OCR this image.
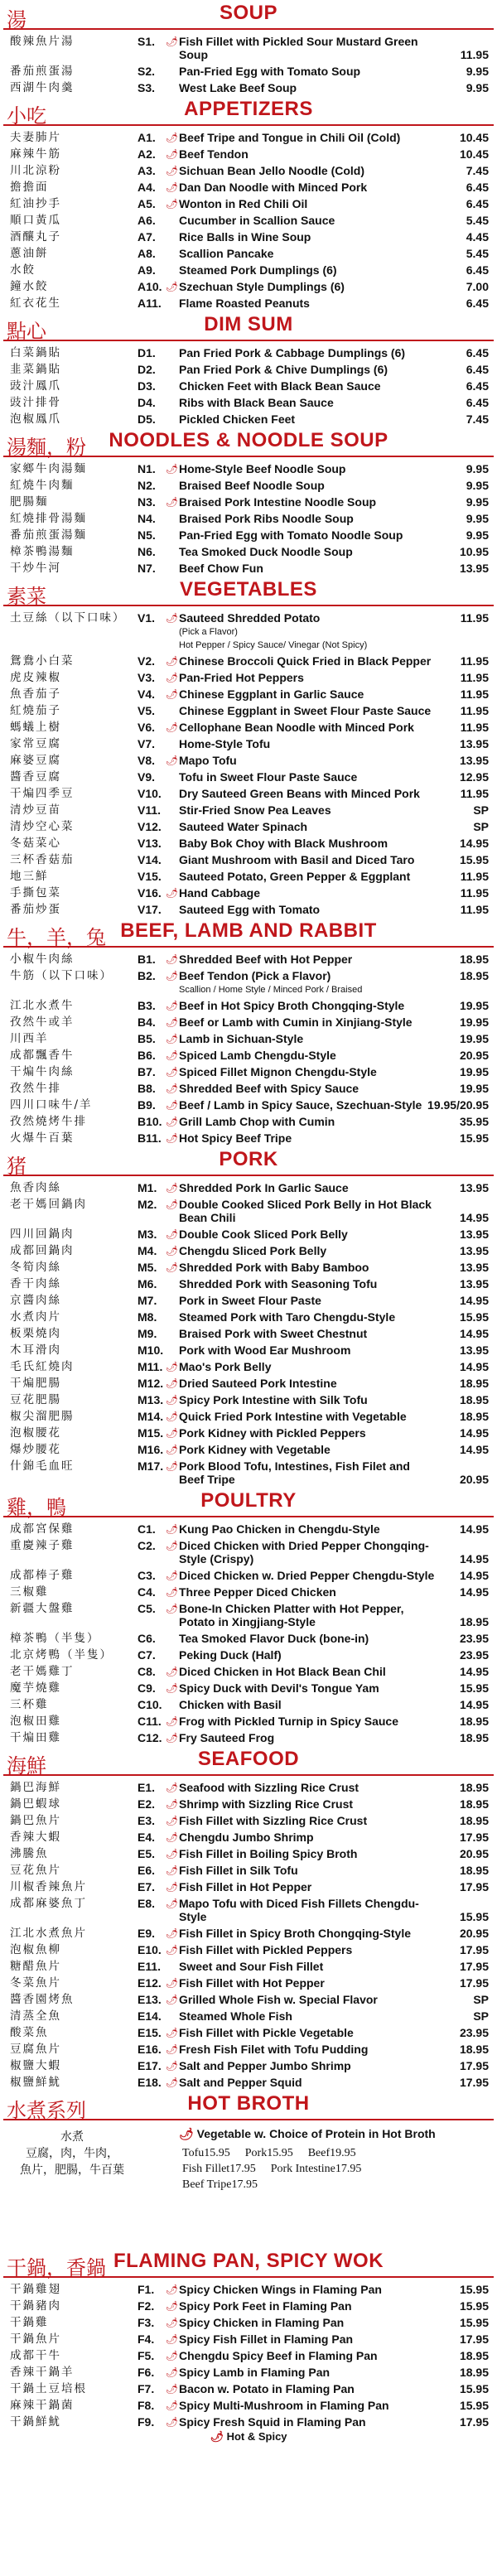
湯	SOUP
酸辣魚片湯	S1.	🌶 Fish Fillet with Pickled Sour Mustard Green Soup	11.95
番茄煎蛋湯	S2.	Pan-Fried Egg with Tomato Soup	9.95
西湖牛肉羹	S3.	West Lake Beef Soup	9.95
小吃	APPETIZERS
夫妻肺片	A1.	🌶 Beef Tripe and Tongue in Chili Oil (Cold)	10.45
麻辣牛筋	A2.	🌶 Beef Tendon	10.45
川北涼粉	A3.	🌶 Sichuan Bean Jello Noodle (Cold)	7.45
擔擔面	A4.	🌶 Dan Dan Noodle with Minced Pork	6.45
紅油抄手	A5.	🌶 Wonton in Red Chili Oil	6.45
順口黃瓜	A6.	Cucumber in Scallion Sauce	5.45
酒釀丸子	A7.	Rice Balls in Wine Soup	4.45
蔥油餅	A8.	Scallion Pancake	5.45
水餃	A9.	Steamed Pork Dumplings (6)	6.45
鐘水餃	A10. 🌶 Szechuan Style Dumplings (6)	7.00
紅衣花生	A11.	Flame Roasted Peanuts	6.45
點心	DIM SUM
白菜鍋貼	D1.	Pan Fried Pork & Cabbage Dumplings (6)	6.45
韭菜鍋貼	D2.	Pan Fried Pork & Chive Dumplings (6)	6.45
豉汁鳳爪	D3.	Chicken Feet with Black Bean Sauce	6.45
豉汁排骨	D4.	Ribs with Black Bean Sauce	6.45
泡椒鳳爪	D5.	Pickled Chicken Feet	7.45
湯麵，粉	NOODLES & NOODLE SOUP
家鄉牛肉湯麵	N1.	🌶 Home-Style Beef Noodle Soup	9.95
紅燒牛肉麵	N2.	Braised Beef Noodle Soup	9.95
肥腸麵	N3.	🌶 Braised Pork Intestine Noodle Soup	9.95
紅燒排骨湯麵	N4.	Braised Pork Ribs Noodle Soup	9.95
番茄煎蛋湯麵	N5.	Pan-Fried Egg with Tomato Noodle Soup	9.95
樟茶鴨湯麵	N6.	Tea Smoked Duck Noodle Soup	10.95
干炒牛河	N7.	Beef Chow Fun	13.95
素菜	VEGETABLES
土豆絲（以下口味）	V1.	🌶 Sauteed Shredded Potato	11.95
(Pick a Flavor)
Hot Pepper / Spicy Sauce/ Vinegar (Not Spicy)
鴛鴦小白菜	V2.	🌶 Chinese Broccoli Quick Fried in Black Pepper	11.95
虎皮辣椒	V3.	🌶 Pan-Fried Hot Peppers	11.95
魚香茄子	V4.	🌶 Chinese Eggplant in Garlic Sauce	11.95
紅燒茄子	V5.	Chinese Eggplant in Sweet Flour Paste Sauce	11.95
螞蟻上樹	V6.	🌶 Cellophane Bean Noodle with Minced Pork	11.95
家常豆腐	V7.	Home-Style Tofu	13.95
麻婆豆腐	V8.	🌶 Mapo Tofu	13.95
醬香豆腐	V9.	Tofu in Sweet Flour Paste Sauce	12.95
干煸四季豆	V10.	Dry Sauteed Green Beans with Minced Pork	11.95
清炒豆苗	V11.	Stir-Fried Snow Pea Leaves	SP
清炒空心菜	V12.	Sauteed Water Spinach	SP
冬菇菜心	V13.	Baby Bok Choy with Black Mushroom	14.95
三杯香菇茄	V14.	Giant Mushroom with Basil and Diced Taro	15.95
地三鮮	V15.	Sauteed Potato, Green Pepper & Eggplant	11.95
手撕包菜	V16. 🌶 Hand Cabbage	11.95
番茄炒蛋	V17.	Sauteed Egg with Tomato	11.95
牛，羊，兔 BEEF, LAMB AND RABBIT
小椒牛肉絲	B1.	🌶 Shredded Beef with Hot Pepper	18.95
牛筋（以下口味）	B2.	🌶 Beef Tendon (Pick a Flavor)	18.95
Scallion / Home Style / Minced Pork / Braised
江北水煮牛	B3.	🌶 Beef in Hot Spicy Broth Chongqing-Style	19.95
孜然牛或羊	B4.	🌶 Beef or Lamb with Cumin in Xinjiang-Style	19.95
川西羊	B5.	🌶 Lamb in Sichuan-Style	19.95
成都飄香牛	B6.	🌶 Spiced Lamb Chengdu-Style	20.95
干煸牛肉絲	B7.	🌶 Spiced Fillet Mignon Chengdu-Style	19.95
孜然牛排	B8.	🌶 Shredded Beef with Spicy Sauce	19.95
四川口味牛/羊	B9.	🌶 Beef / Lamb in Spicy Sauce, Szechuan-Style 19.95/20.95
孜然燒烤牛排	B10. 🌶 Grill Lamb Chop with Cumin	35.95
火爆牛百葉	B11. 🌶 Hot Spicy Beef Tripe	15.95
猪	PORK
魚香肉絲	M1. 🌶 Shredded Pork In Garlic Sauce	13.95
老干媽回鍋肉	M2. 🌶 Double Cooked Sliced Pork Belly in Hot Black Bean Chili	14.95
四川回鍋肉	M3. 🌶 Double Cook Sliced Pork Belly	13.95
成都回鍋肉	M4. 🌶 Chengdu Sliced Pork Belly	13.95
冬筍肉絲	M5. 🌶 Shredded Pork with Baby Bamboo	13.95
香干肉絲	M6.	Shredded Pork with Seasoning Tofu	13.95
京醬肉絲	M7.	Pork in Sweet Flour Paste	14.95
水煮肉片	M8.	Steamed Pork with Taro Chengdu-Style	15.95
板栗燒肉	M9.	Braised Pork with Sweet Chestnut	14.95
木耳滑肉	M10. Pork with Wood Ear Mushroom	13.95
毛氏紅燒肉	M11. 🌶 Mao's Pork Belly	14.95
干煸肥腸	M12. 🌶 Dried Sauteed Pork Intestine	18.95
豆花肥腸	M13. 🌶 Spicy Pork Intestine with Silk Tofu	18.95
椒尖溜肥腸	M14. 🌶 Quick Fried Pork Intestine with Vegetable	18.95
泡椒腰花	M15. 🌶 Pork Kidney with Pickled Peppers	14.95
爆炒腰花	M16. 🌶 Pork Kidney with Vegetable	14.95
什錦毛血旺	M17. 🌶 Pork Blood Tofu, Intestines, Fish Filet and Beef Tripe	20.95
雞，鴨	POULTRY
成都宮保雞	C1.	🌶 Kung Pao Chicken in Chengdu-Style	14.95
重慶辣子雞	C2.	🌶 Diced Chicken with Dried Pepper Chongqing-Style (Crispy)	14.95
成都棒子雞	C3.	🌶 Diced Chicken w. Dried Pepper Chengdu-Style 14.95
三椒雞	C4.	🌶 Three Pepper Diced Chicken	14.95
新疆大盤雞	C5.	🌶 Bone-In Chicken Platter with Hot Pepper, Potato in Xingjiang-Style	18.95
樟茶鴨（半隻）	C6.	Tea Smoked Flavor Duck (bone-in)	23.95
北京烤鴨（半隻）	C7.	Peking Duck (Half)	23.95
老干媽雞丁	C8.	🌶 Diced Chicken in Hot Black Bean Chil	14.95
魔芋燒雞	C9.	🌶 Spicy Duck with Devil's Tongue Yam	15.95
三杯雞	C10.	Chicken with Basil	14.95
泡椒田雞	C11. 🌶 Frog with Pickled Turnip in Spicy Sauce	18.95
干煸田雞	C12. 🌶 Fry Sauteed Frog	18.95
海鮮	SEAFOOD
鍋巴海鮮	E1.	🌶 Seafood with Sizzling Rice Crust	18.95
鍋巴蝦球	E2.	🌶 Shrimp with Sizzling Rice Crust	18.95
鍋巴魚片	E3.	🌶 Fish Fillet with Sizzling Rice Crust	18.95
香辣大蝦	E4.	🌶 Chengdu Jumbo Shrimp	17.95
沸騰魚	E5.	🌶 Fish Fillet in Boiling Spicy Broth	20.95
豆花魚片	E6.	🌶 Fish Fillet in Silk Tofu	18.95
川椒香辣魚片	E7.	🌶 Fish Fillet in Hot Pepper	17.95
成都麻婆魚丁	E8.	🌶 Mapo Tofu with Diced Fish Fillets Chengdu-Style	15.95
江北水煮魚片	E9.	🌶 Fish Fillet in Spicy Broth Chongqing-Style	20.95
泡椒魚柳	E10. 🌶 Fish Fillet with Pickled Peppers	17.95
糖醋魚片	E11.	Sweet and Sour Fish Fillet	17.95
冬菜魚片	E12. 🌶 Fish Fillet with Hot Pepper	17.95
醬香園烤魚	E13. 🌶 Grilled Whole Fish w. Special Flavor	SP
清蒸全魚	E14.	Steamed Whole Fish	SP
酸菜魚	E15. 🌶 Fish Fillet with Pickle Vegetable	23.95
豆腐魚片	E16. 🌶 Fresh Fish Filet with Tofu Pudding	18.95
椒鹽大蝦	E17. 🌶 Salt and Pepper Jumbo Shrimp	17.95
椒鹽鮮魷	E18. 🌶 Salt and Pepper Squid	17.95
水煮系列	HOT BROTH
水煮
豆腐，肉，牛肉，
魚片，肥腸，牛百葉
🌶 Vegetable w. Choice of Protein in Hot Broth
Tofu15.95 Pork15.95 Beef19.95
Fish Fillet17.95 Pork Intestine17.95
Beef Tripe17.95
干鍋，香鍋 FLAMING PAN, SPICY WOK
干鍋雞翅	F1.	🌶 Spicy Chicken Wings in Flaming Pan	15.95
干鍋豬肉	F2.	🌶 Spicy Pork Feet in Flaming Pan	15.95
干鍋雞	F3.	🌶 Spicy Chicken in Flaming Pan	15.95
干鍋魚片	F4.	🌶 Spicy Fish Fillet in Flaming Pan	17.95
成都干牛	F5.	🌶 Chengdu Spicy Beef in Flaming Pan	18.95
香辣干鍋羊	F6.	🌶 Spicy Lamb in Flaming Pan	18.95
干鍋土豆培根	F7.	🌶 Bacon w. Potato in Flaming Pan	15.95
麻辣干鍋菌	F8.	🌶 Spicy Multi-Mushroom in Flaming Pan	15.95
干鍋鮮魷	F9.	🌶 Spicy Fresh Squid in Flaming Pan	17.95
🌶 Hot & Spicy
